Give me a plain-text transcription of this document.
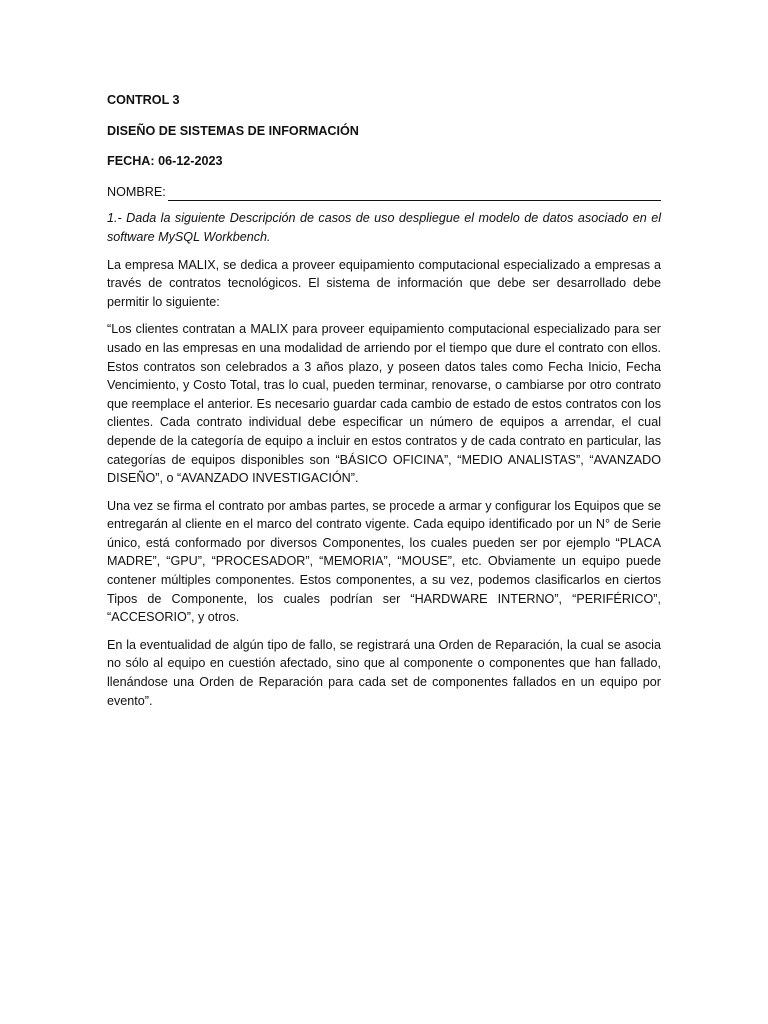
CONTROL 3
DISEÑO DE SISTEMAS DE INFORMACIÓN
FECHA: 06-12-2023
NOMBRE:
1.- Dada la siguiente Descripción de casos de uso despliegue el modelo de datos asociado en el software MySQL Workbench.
La empresa MALIX, se dedica a proveer equipamiento computacional especializado a empresas a través de contratos tecnológicos. El sistema de información que debe ser desarrollado debe permitir lo siguiente:
“Los clientes contratan a MALIX para proveer equipamiento computacional especializado para ser usado en las empresas en una modalidad de arriendo por el tiempo que dure el contrato con ellos. Estos contratos son celebrados a 3 años plazo, y poseen datos tales como Fecha Inicio, Fecha Vencimiento, y Costo Total, tras lo cual, pueden terminar, renovarse, o cambiarse por otro contrato que reemplace el anterior. Es necesario guardar cada cambio de estado de estos contratos con los clientes. Cada contrato individual debe especificar un número de equipos a arrendar, el cual depende de la categoría de equipo a incluir en estos contratos y de cada contrato en particular, las categorías de equipos disponibles son “BÁSICO OFICINA”, “MEDIO ANALISTAS”, “AVANZADO DISEÑO”, o “AVANZADO INVESTIGACIÓN”.
Una vez se firma el contrato por ambas partes, se procede a armar y configurar los Equipos que se entregarán al cliente en el marco del contrato vigente. Cada equipo identificado por un N° de Serie único, está conformado por diversos Componentes, los cuales pueden ser por ejemplo “PLACA MADRE”, “GPU”, “PROCESADOR”, “MEMORIA”, “MOUSE”, etc. Obviamente un equipo puede contener múltiples componentes. Estos componentes, a su vez, podemos clasificarlos en ciertos Tipos de Componente, los cuales podrían ser “HARDWARE INTERNO”, “PERIFÉRICO”, “ACCESORIO”, y otros.
En la eventualidad de algún tipo de fallo, se registrará una Orden de Reparación, la cual se asocia no sólo al equipo en cuestión afectado, sino que al componente o componentes que han fallado, llenándose una Orden de Reparación para cada set de componentes fallados en un equipo por evento”.
